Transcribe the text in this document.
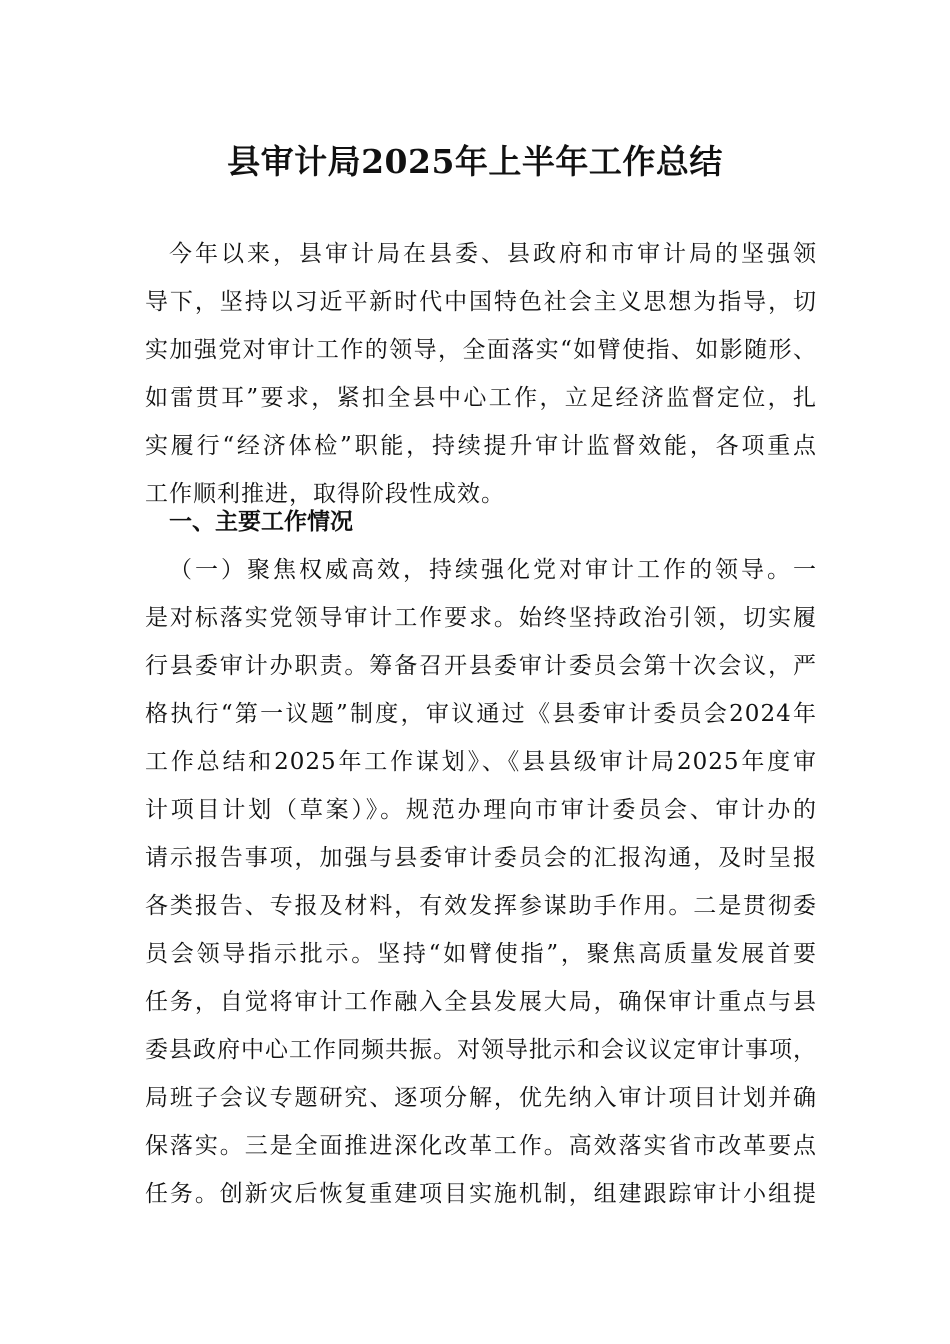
县审计局2025年上半年工作总结
今年以来，县审计局在县委、县政府和市审计局的坚强领
导下，坚持以习近平新时代中国特色社会主义思想为指导，切
实加强党对审计工作的领导，全面落实“如臂使指、如影随形、
如雷贯耳”要求，紧扣全县中心工作，立足经济监督定位，扎
实履行“经济体检”职能，持续提升审计监督效能，各项重点
工作顺利推进，取得阶段性成效。
一、主要工作情况
（一）聚焦权威高效，持续强化党对审计工作的领导。一
是对标落实党领导审计工作要求。始终坚持政治引领，切实履
行县委审计办职责。筹备召开县委审计委员会第十次会议，严
格执行“第一议题”制度，审议通过《县委审计委员会2024年
工作总结和2025年工作谋划》、《县县级审计局2025年度审
计项目计划（草案）》。规范办理向市审计委员会、审计办的
请示报告事项，加强与县委审计委员会的汇报沟通，及时呈报
各类报告、专报及材料，有效发挥参谋助手作用。二是贯彻委
员会领导指示批示。坚持“如臂使指”，聚焦高质量发展首要
任务，自觉将审计工作融入全县发展大局，确保审计重点与县
委县政府中心工作同频共振。对领导批示和会议议定审计事项，
局班子会议专题研究、逐项分解，优先纳入审计项目计划并确
保落实。三是全面推进深化改革工作。高效落实省市改革要点
任务。创新灾后恢复重建项目实施机制，组建跟踪审计小组提
